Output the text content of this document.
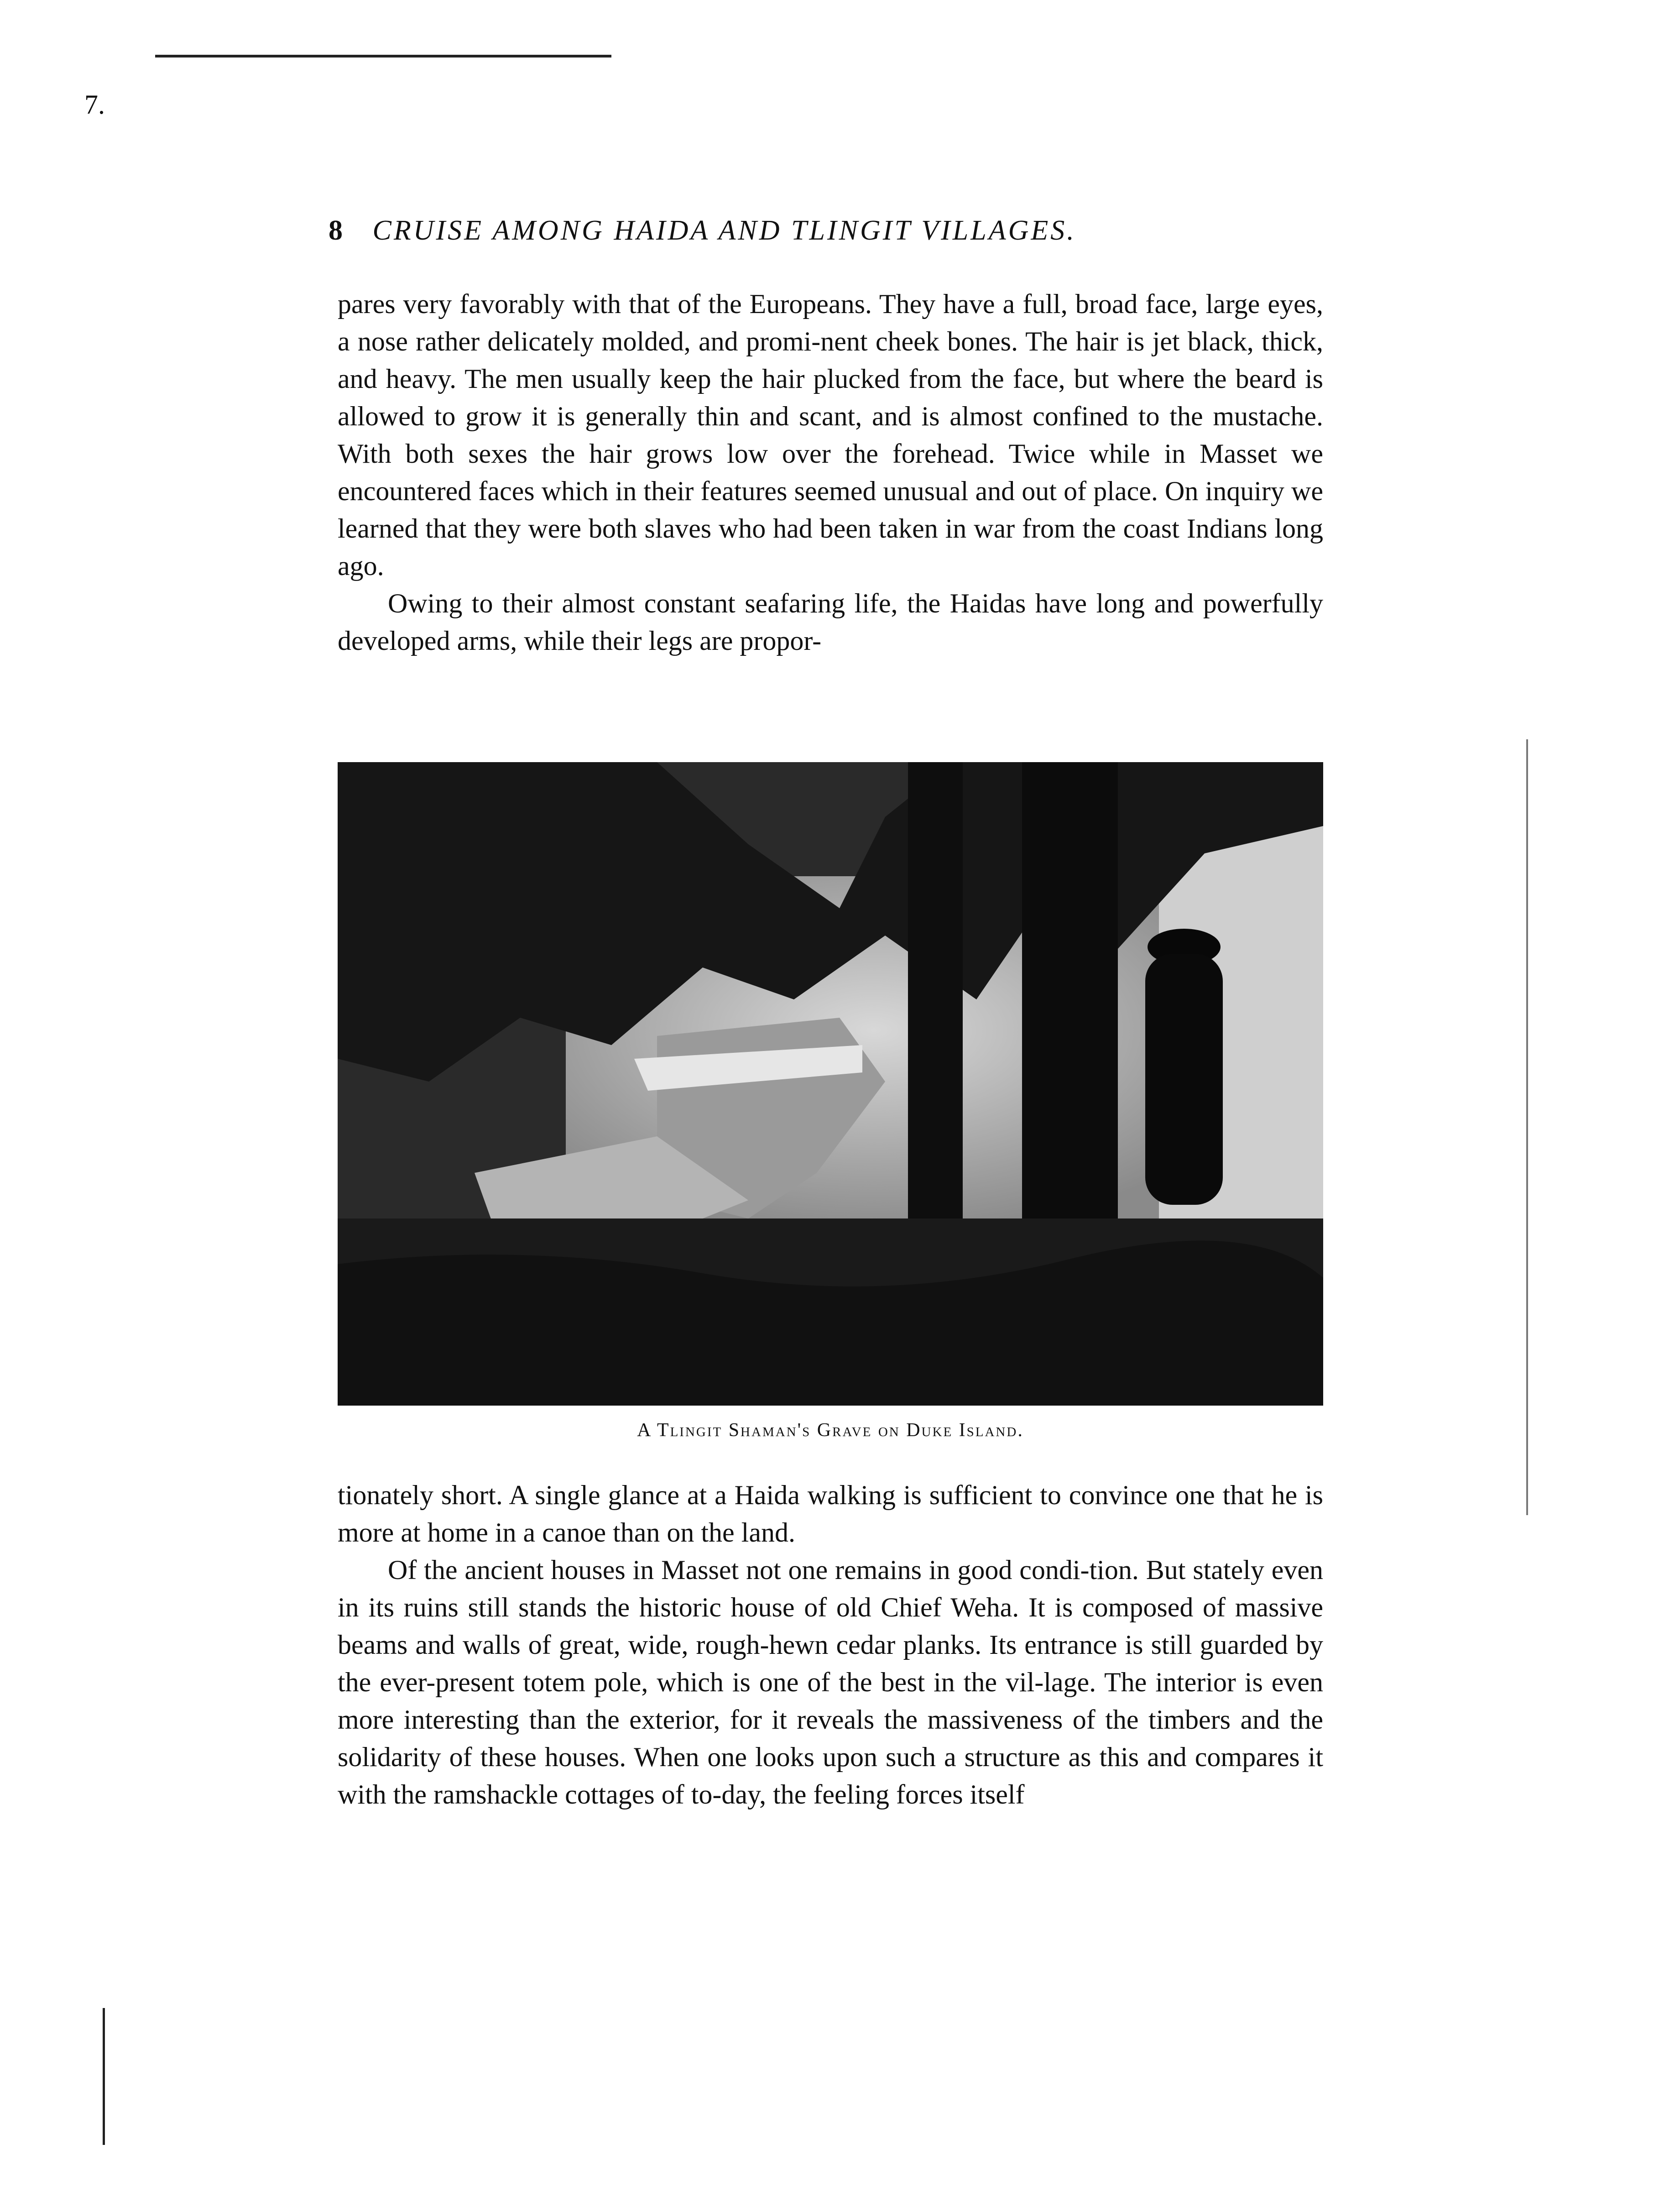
7.
8 CRUISE AMONG HAIDA AND TLINGIT VILLAGES.

pares very favorably with that of the Europeans. They have a full, broad face, large eyes, a nose rather delicately molded, and promi-nent cheek bones. The hair is jet black, thick, and heavy. The men usually keep the hair plucked from the face, but where the beard is allowed to grow it is generally thin and scant, and is almost confined to the mustache. With both sexes the hair grows low over the forehead. Twice while in Masset we encountered faces which in their features seemed unusual and out of place. On inquiry we learned that they were both slaves who had been taken in war from the coast Indians long ago.

Owing to their almost constant seafaring life, the Haidas have long and powerfully developed arms, while their legs are propor-

A Tlingit Shaman's Grave on Duke Island.

tionately short. A single glance at a Haida walking is sufficient to convince one that he is more at home in a canoe than on the land.

Of the ancient houses in Masset not one remains in good condi-tion. But stately even in its ruins still stands the historic house of old Chief Weha. It is composed of massive beams and walls of great, wide, rough-hewn cedar planks. Its entrance is still guarded by the ever-present totem pole, which is one of the best in the vil-lage. The interior is even more interesting than the exterior, for it reveals the massiveness of the timbers and the solidarity of these houses. When one looks upon such a structure as this and compares it with the ramshackle cottages of to-day, the feeling forces itself
